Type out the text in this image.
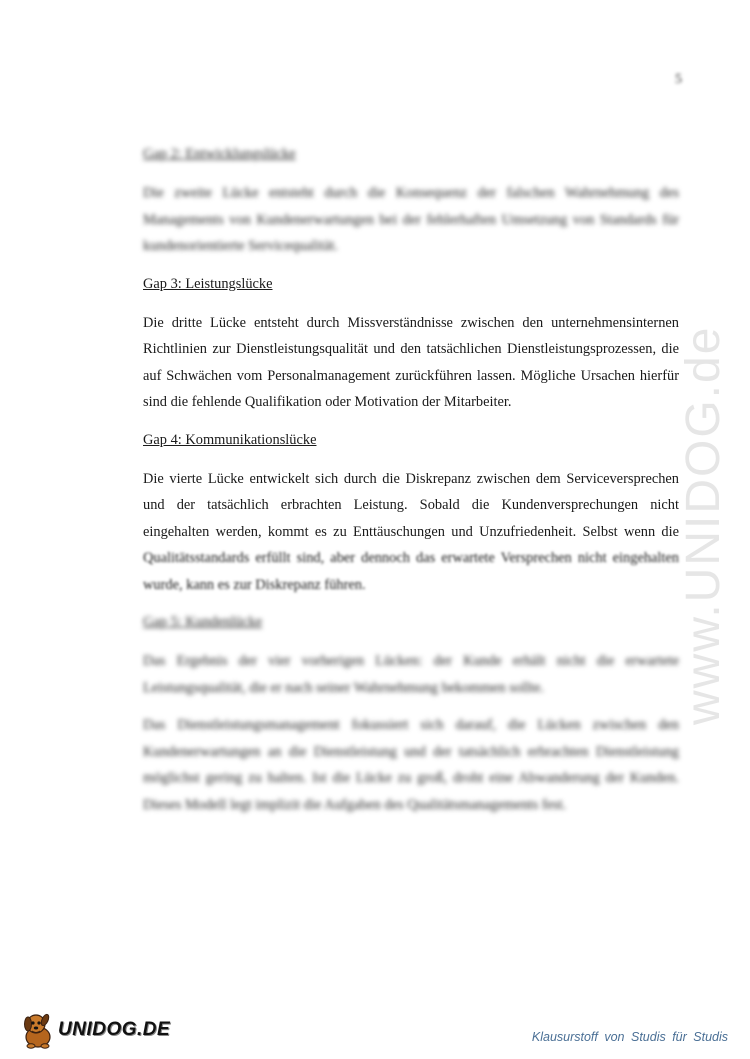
5
www.UNIDOG.de
Gap 2: Entwicklungslücke
Die zweite Lücke entsteht durch die Konsequenz der falschen Wahrnehmung des Managements von Kundenerwartungen bei der fehlerhaften Umsetzung von Standards für kundenorientierte Servicequalität.
Gap 3: Leistungslücke
Die dritte Lücke entsteht durch Missverständnisse zwischen den unternehmensinternen Richtlinien zur Dienstleistungsqualität und den tatsächlichen Dienstleistungsprozessen, die auf Schwächen vom Personalmanagement zurückführen lassen. Mögliche Ursachen hierfür sind die fehlende Qualifikation oder Motivation der Mitarbeiter.
Gap 4: Kommunikationslücke
Die vierte Lücke entwickelt sich durch die Diskrepanz zwischen dem Serviceversprechen und der tatsächlich erbrachten Leistung. Sobald die Kundenversprechungen nicht eingehalten werden, kommt es zu Enttäuschungen und Unzufriedenheit. Selbst wenn die Qualitätsstandards erfüllt sind, aber dennoch das erwartete Versprechen nicht eingehalten wurde, kann es zur Diskrepanz führen.
Gap 5: Kundenlücke
Das Ergebnis der vier vorherigen Lücken: der Kunde erhält nicht die erwartete Leistungsqualität, die er nach seiner Wahrnehmung bekommen sollte.
Das Dienstleistungsmanagement fokussiert sich darauf, die Lücken zwischen den Kundenerwartungen an die Dienstleistung und der tatsächlich erbrachten Dienstleistung möglichst gering zu halten. Ist die Lücke zu groß, droht eine Abwanderung der Kunden. Dieses Modell legt implizit die Aufgaben des Qualitätsmanagements fest.
UNIDOG.DE	Klausurstoff von Studis für Studis
